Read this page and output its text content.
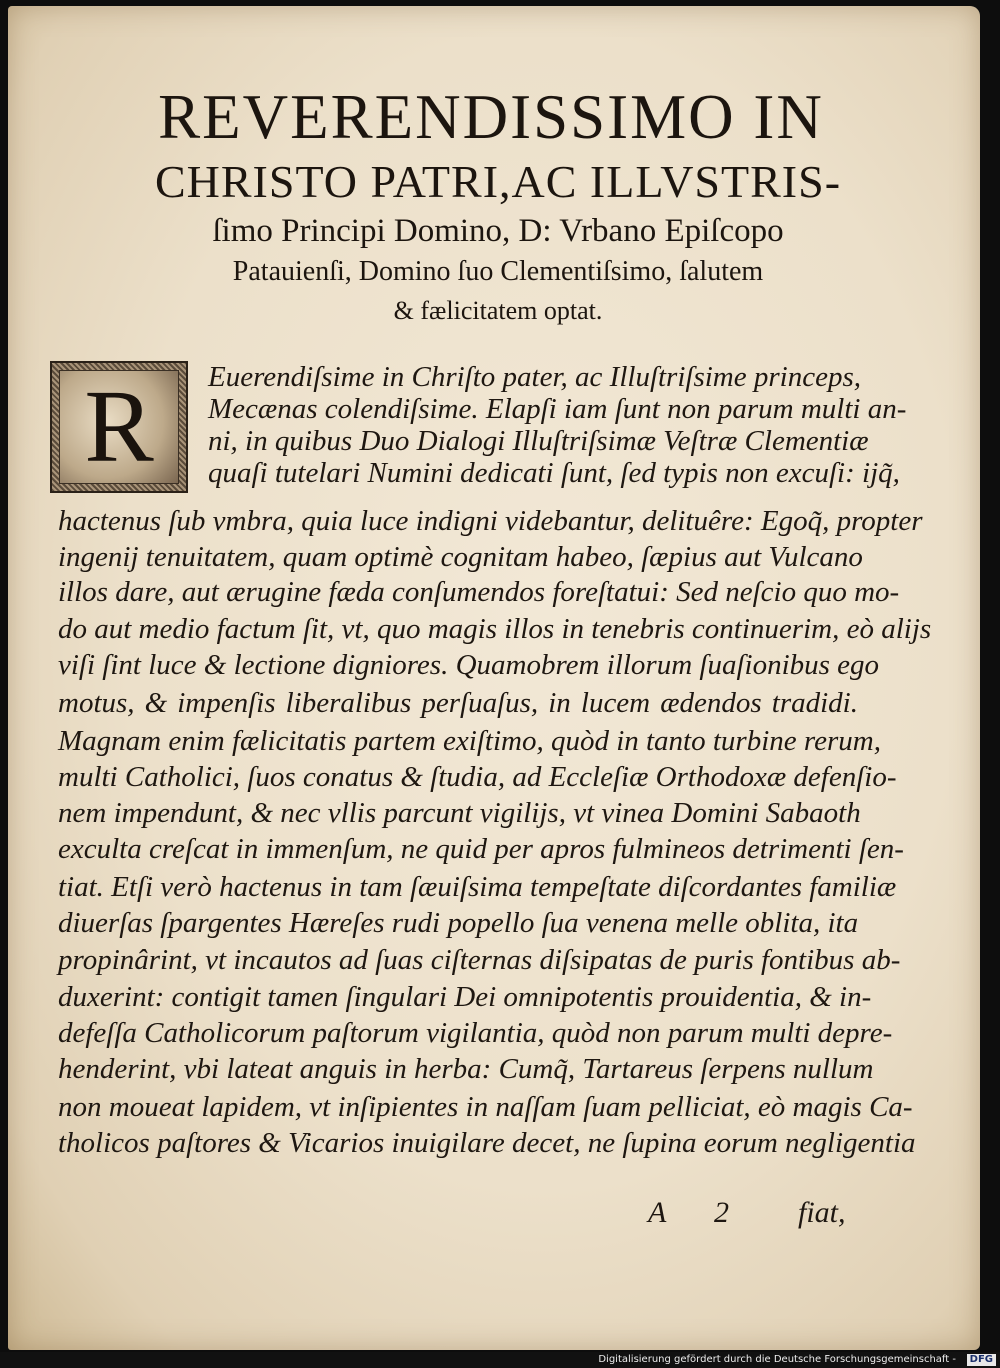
REVERENDISSIMO IN
CHRISTO PATRI,AC ILLVSTRIS-
ſimo Principi Domino, D: Vrbano Epiſcopo
Patauienſi, Domino ſuo Clementiſsimo, ſalutem
& fælicitatem optat.
R	Euerendiſsime in Chriſto pater, ac Illuſtriſsime princeps,
Mecænas colendiſsime. Elapſi iam ſunt non parum multi an-
ni, in quibus Duo Dialogi Illuſtriſsimæ Veſtræ Clementiæ
quaſi tutelari Numini dedicati ſunt, ſed typis non excuſi: ijq̃,
hactenus ſub vmbra, quia luce indigni videbantur, delituêre: Egoq̃, propter
ingenij tenuitatem, quam optimè cognitam habeo, ſæpius aut Vulcano
illos dare, aut ærugine fæda conſumendos foreſtatui: Sed neſcio quo mo-
do aut medio factum ſit, vt, quo magis illos in tenebris continuerim, eò alijs
viſi ſint luce & lectione digniores. Quamobrem illorum ſuaſionibus ego
motus, & impenſis liberalibus perſuaſus, in lucem ædendos tradidi.
Magnam enim fælicitatis partem exiſtimo, quòd in tanto turbine rerum,
multi Catholici, ſuos conatus & ſtudia, ad Eccleſiæ Orthodoxæ defenſio-
nem impendunt, & nec vllis parcunt vigilijs, vt vinea Domini Sabaoth
exculta creſcat in immenſum, ne quid per apros fulmineos detrimenti ſen-
tiat. Etſi verò hactenus in tam ſæuiſsima tempeſtate diſcordantes familiæ
diuerſas ſpargentes Hæreſes rudi popello ſua venena melle oblita, ita
propinârint, vt incautos ad ſuas ciſternas diſsipatas de puris fontibus ab-
duxerint: contigit tamen ſingulari Dei omnipotentis prouidentia, & in-
defeſſa Catholicorum paſtorum vigilantia, quòd non parum multi depre-
henderint, vbi lateat anguis in herba: Cumq̃, Tartareus ſerpens nullum
non moueat lapidem, vt inſipientes in naſſam ſuam pelliciat, eò magis Ca-
tholicos paſtores & Vicarios inuigilare decet, ne ſupina eorum negligentia
A 2 fiat,
Digitalisierung gefördert durch die Deutsche Forschungsgemeinschaft -	DFG
